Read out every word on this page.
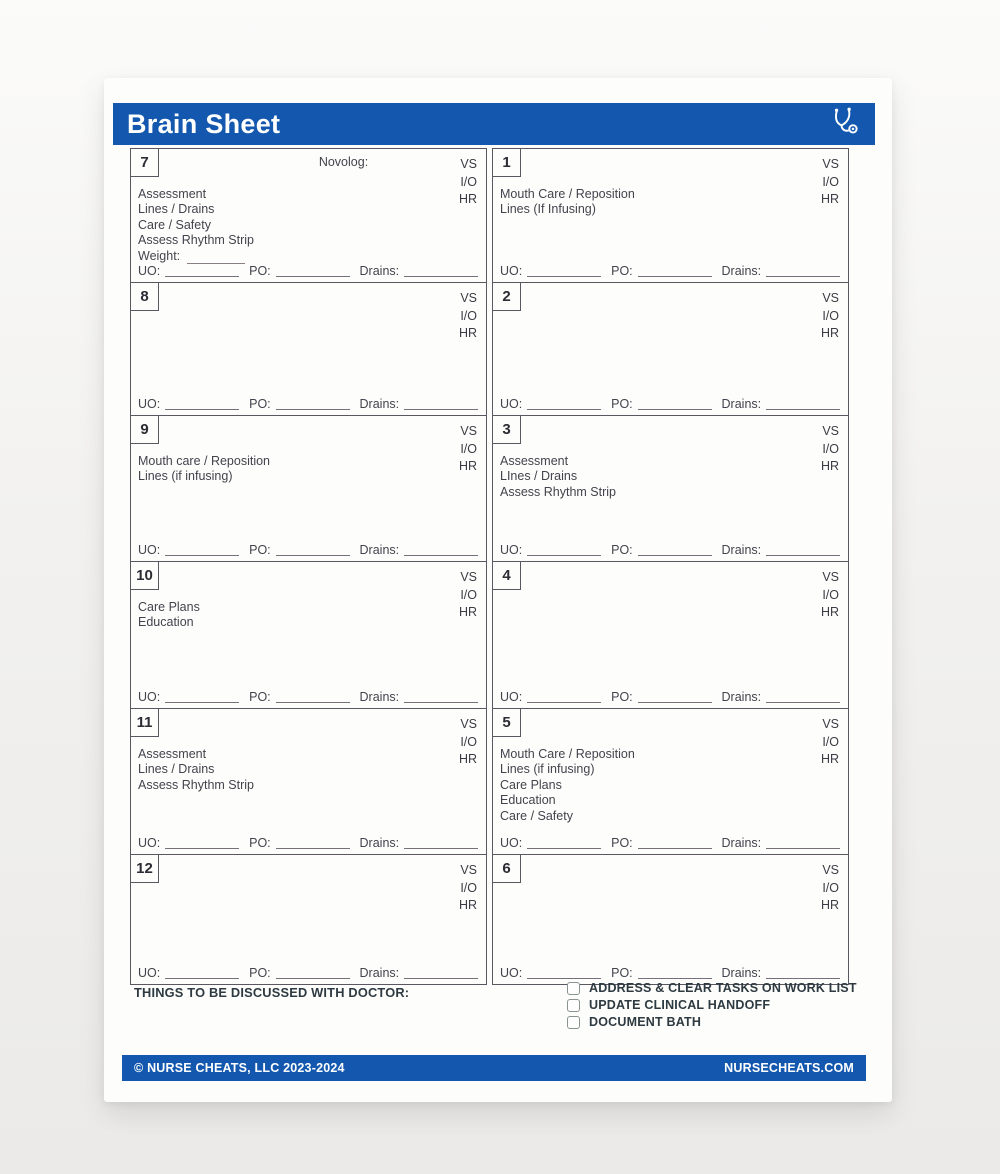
Brain Sheet
7	Novolog:	VS
I/O
HR
Assessment
Lines / Drains
Care / Safety
Assess Rhythm Strip
Weight:
UO:	PO:	Drains:
8	VS
I/O
HR
UO:	PO:	Drains:
9	VS
I/O
HR
Mouth care / Reposition
Lines (if infusing)
UO:	PO:	Drains:
10	VS
I/O
HR
Care Plans
Education
UO:	PO:	Drains:
11	VS
I/O
HR
Assessment
Lines / Drains
Assess Rhythm Strip
UO:	PO:	Drains:
12	VS
I/O
HR
UO:	PO:	Drains:
1	VS
I/O
HR
Mouth Care / Reposition
Lines (If Infusing)
UO:	PO:	Drains:
2	VS
I/O
HR
UO:	PO:	Drains:
3	VS
I/O
HR
Assessment
LInes / Drains
Assess Rhythm Strip
UO:	PO:	Drains:
4	VS
I/O
HR
UO:	PO:	Drains:
5	VS
I/O
HR
Mouth Care / Reposition
Lines (if infusing)
Care Plans
Education
Care / Safety
UO:	PO:	Drains:
6	VS
I/O
HR
UO:	PO:	Drains:
THINGS TO BE DISCUSSED WITH DOCTOR:	ADDRESS & CLEAR TASKS ON WORK LIST
UPDATE CLINICAL HANDOFF
DOCUMENT BATH
© NURSE CHEATS, LLC 2023-2024	NURSECHEATS.COM
